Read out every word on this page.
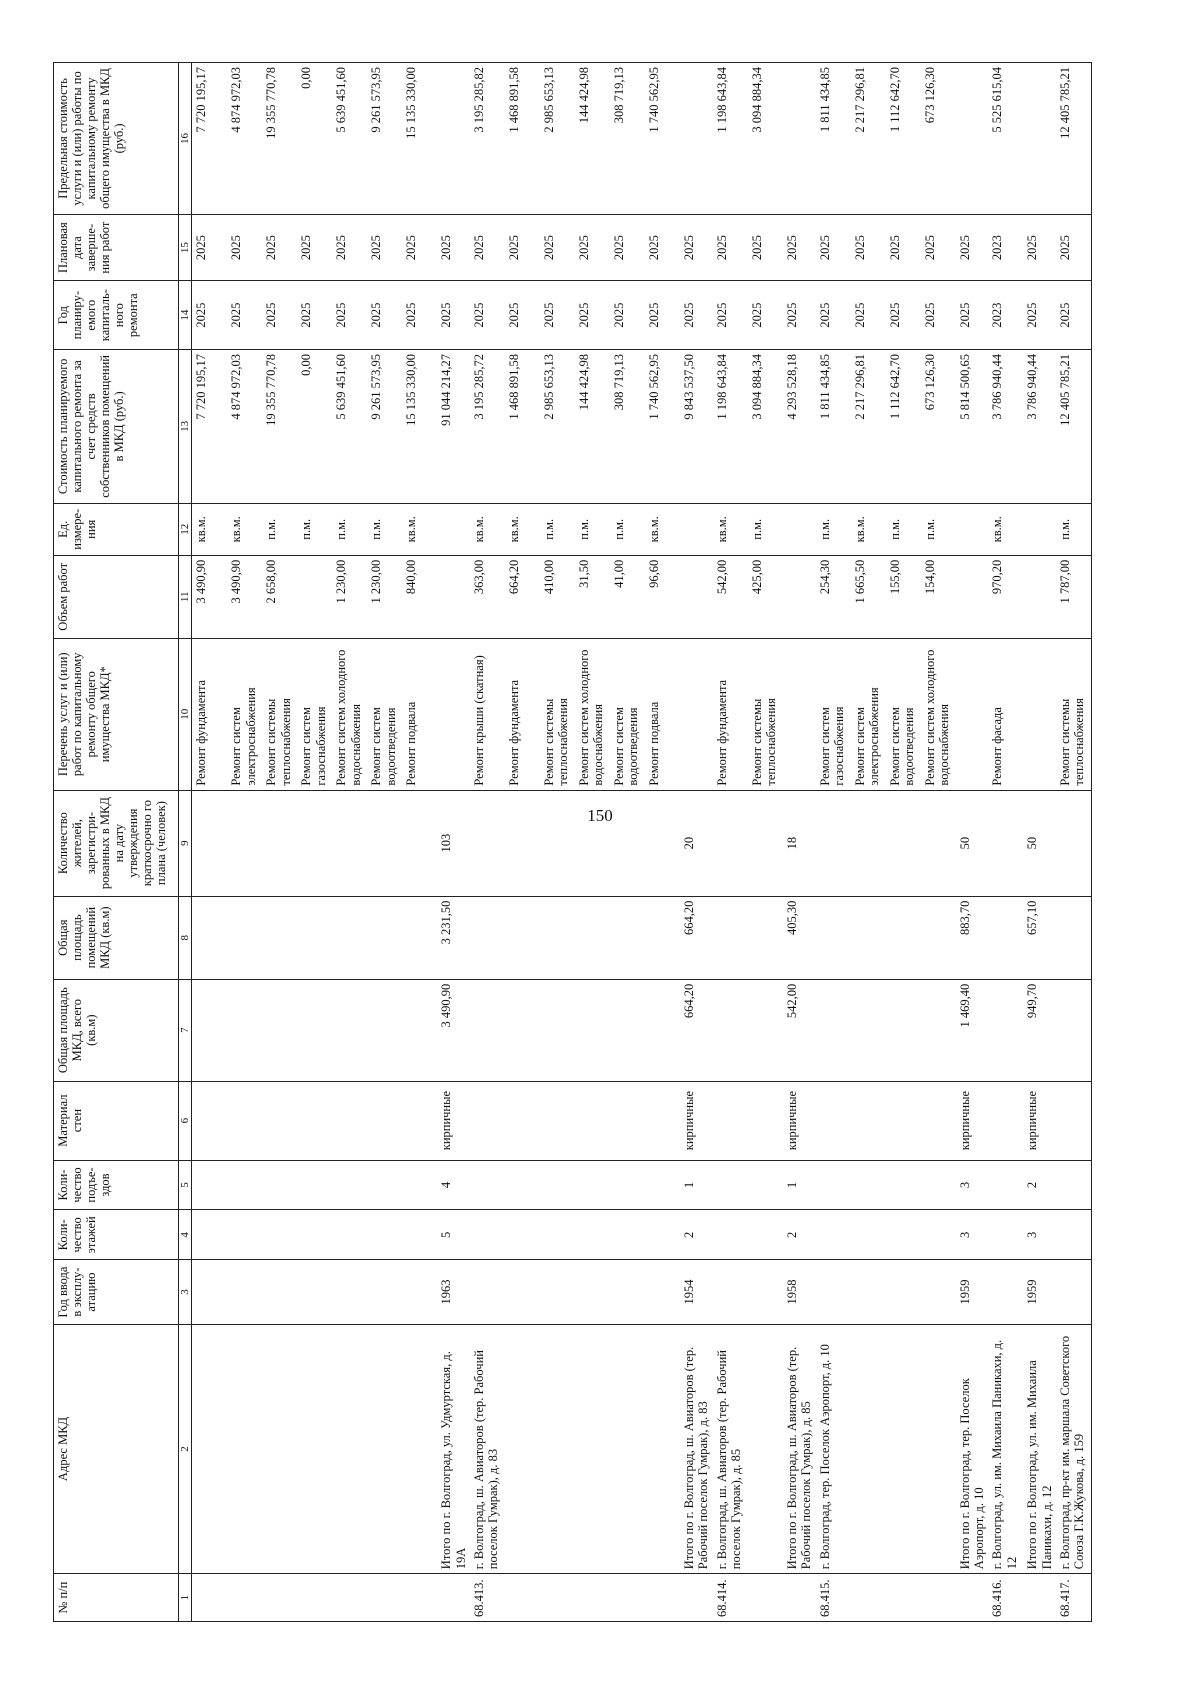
150
№ п/п	Адрес МКД	Год ввода в эксплу-атацию	Коли-чество этажей	Коли-чество подъе-здов	Материал стен	Общая площадь МКД, всего (кв.м)	Общая площадь помещений МКД (кв.м)	Количество жителей, зарегистри-рованных в МКД на дату утверждения краткосрочно го плана (человек)	Перечень услуг и (или) работ по капитальному ремонту общего имущества МКД*	Объем работ	Ед. измере-ния	Стоимость планируемого капитального ремонта за счет средств собственников помещений в МКД (руб.)	Год планиру-емого капиталь-ного ремонта	Плановая дата заверше-ния работ	Предельная стоимость услуги и (или) работы по капитальному ремонту общего имущества в МКД (руб.)
1	2	3	4	5	6	7	8	9	10	11	12	13	14	15	16
									Ремонт фундамента	3 490,90	кв.м.	7 720 195,17	2025	2025	7 720 195,17
									Ремонт систем электроснабжения	3 490,90	кв.м.	4 874 972,03	2025	2025	4 874 972,03
									Ремонт системы теплоснабжения	2 658,00	п.м.	19 355 770,78	2025	2025	19 355 770,78
									Ремонт систем газоснабжения		п.м.	0,00	2025	2025	0,00
									Ремонт систем холодного водоснабжения	1 230,00	п.м.	5 639 451,60	2025	2025	5 639 451,60
									Ремонт систем водоотведения	1 230,00	п.м.	9 261 573,95	2025	2025	9 261 573,95
									Ремонт подвала	840,00	кв.м.	15 135 330,00	2025	2025	15 135 330,00
	Итого по г. Волгоград, ул. Удмуртская, д. 19А	1963	5	4	кирпичные	3 490,90	3 231,50	103				91 044 214,27	2025	2025	
68.413.	г. Волгоград, ш. Авиаторов (тер. Рабочий поселок Гумрак), д. 83								Ремонт крыши (скатная)	363,00	кв.м.	3 195 285,72	2025	2025	3 195 285,82
									Ремонт фундамента	664,20	кв.м.	1 468 891,58	2025	2025	1 468 891,58
									Ремонт системы теплоснабжения	410,00	п.м.	2 985 653,13	2025	2025	2 985 653,13
									Ремонт систем холодного водоснабжения	31,50	п.м.	144 424,98	2025	2025	144 424,98
									Ремонт систем водоотведения	41,00	п.м.	308 719,13	2025	2025	308 719,13
									Ремонт подвала	96,60	кв.м.	1 740 562,95	2025	2025	1 740 562,95
	Итого по г. Волгоград, ш. Авиаторов (тер. Рабочий поселок Гумрак), д. 83	1954	2	1	кирпичные	664,20	664,20	20				9 843 537,50	2025	2025	
68.414.	г. Волгоград, ш. Авиаторов (тер. Рабочий поселок Гумрак), д. 85								Ремонт фундамента	542,00	кв.м.	1 198 643,84	2025	2025	1 198 643,84
									Ремонт системы теплоснабжения	425,00	п.м.	3 094 884,34	2025	2025	3 094 884,34
	Итого по г. Волгоград, ш. Авиаторов (тер. Рабочий поселок Гумрак), д. 85	1958	2	1	кирпичные	542,00	405,30	18				4 293 528,18	2025	2025	
68.415.	г. Волгоград, тер. Поселок Аэропорт, д. 10								Ремонт систем газоснабжения	254,30	п.м.	1 811 434,85	2025	2025	1 811 434,85
									Ремонт систем электроснабжения	1 665,50	кв.м.	2 217 296,81	2025	2025	2 217 296,81
									Ремонт систем водоотведения	155,00	п.м.	1 112 642,70	2025	2025	1 112 642,70
									Ремонт систем холодного водоснабжения	154,00	п.м.	673 126,30	2025	2025	673 126,30
	Итого по г. Волгоград, тер. Поселок Аэропорт, д. 10	1959	3	3	кирпичные	1 469,40	883,70	50				5 814 500,65	2025	2025	
68.416.	г. Волгоград, ул. им. Михаила Паникахи, д. 12								Ремонт фасада	970,20	кв.м.	3 786 940,44	2023	2023	5 525 615,04
	Итого по г. Волгоград, ул. им. Михаила Паникахи, д. 12	1959	3	2	кирпичные	949,70	657,10	50				3 786 940,44	2025	2025	
68.417.	г. Волгоград, пр-кт им. маршала Советского Союза Г.К.Жукова, д. 159								Ремонт системы теплоснабжения	1 787,00	п.м.	12 405 785,21	2025	2025	12 405 785,21
